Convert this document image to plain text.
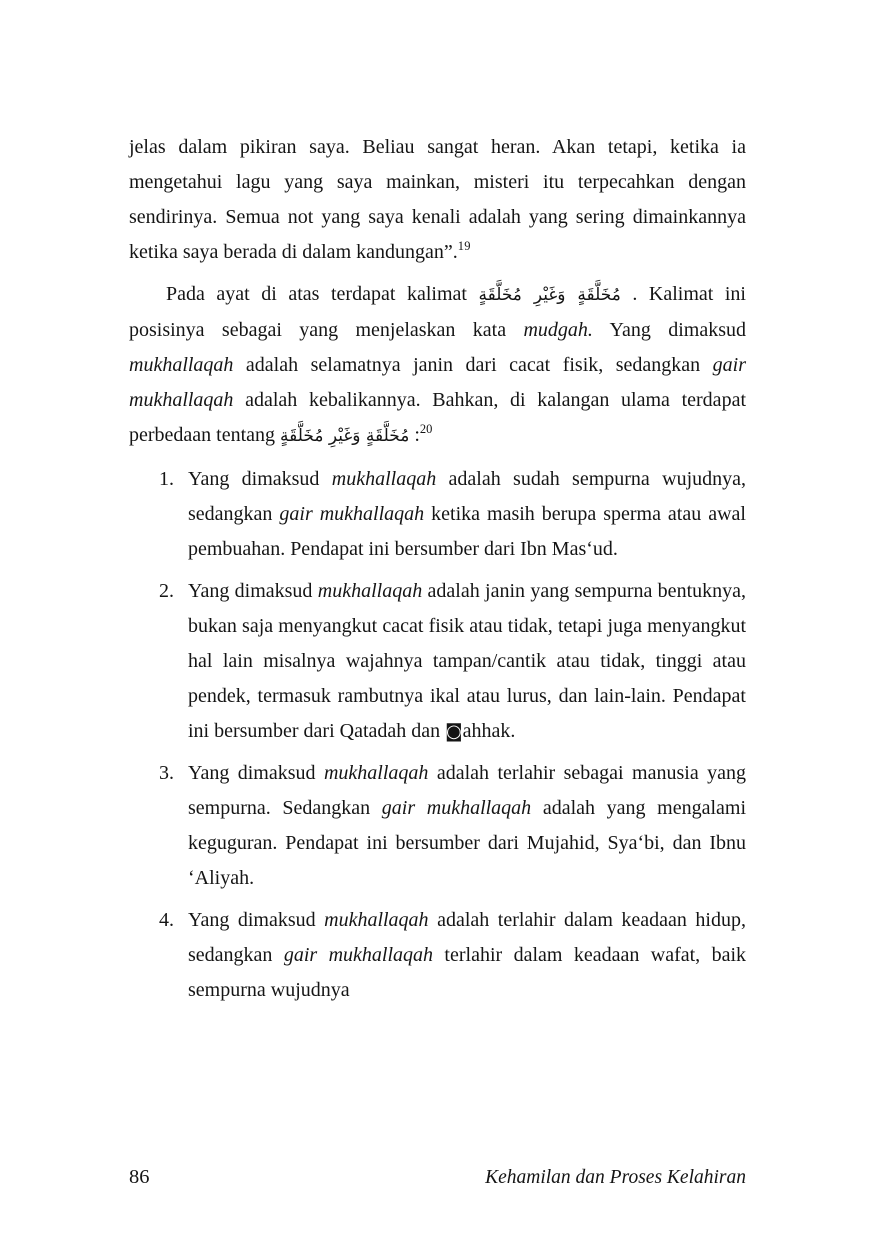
jelas dalam pikiran saya. Beliau sangat heran. Akan tetapi, ketika ia mengetahui lagu yang saya mainkan, misteri itu terpecahkan dengan sendirinya. Semua not yang saya kenali adalah yang sering dimainkannya ketika saya berada di dalam kandungan”.$^{19}$

Pada ayat di atas terdapat kalimat مُخَلَّقَةٍ وَغَيْرِ مُخَلَّقَةٍ . Kalimat ini posisinya sebagai yang menjelaskan kata mudgah. Yang dimaksud mukhallaqah adalah selamatnya janin dari cacat fisik, sedangkan gair mukhallaqah adalah kebalikannya. Bahkan, di kalangan ulama terdapat perbedaan tentang مُخَلَّقَةٍ وَغَيْرِ مُخَلَّقَةٍ :$^{20}$

1. Yang dimaksud mukhallaqah adalah sudah sempurna wujudnya, sedangkan gair mukhallaqah ketika masih berupa sperma atau awal pembuahan. Pendapat ini bersumber dari Ibn Mas‘ud.
2. Yang dimaksud mukhallaqah adalah janin yang sempurna bentuknya, bukan saja menyangkut cacat fisik atau tidak, tetapi juga menyangkut hal lain misalnya wajahnya tampan/cantik atau tidak, tinggi atau pendek, termasuk rambutnya ikal atau lurus, dan lain-lain. Pendapat ini bersumber dari Qatadah dan ◙ahhak.
3. Yang dimaksud mukhallaqah adalah terlahir sebagai manusia yang sempurna. Sedangkan gair mukhallaqah adalah yang mengalami keguguran. Pendapat ini bersumber dari Mujahid, Sya‘bi, dan Ibnu ‘Aliyah.
4. Yang dimaksud mukhallaqah adalah terlahir dalam keadaan hidup, sedangkan gair mukhallaqah terlahir dalam keadaan wafat, baik sempurna wujudnya
86	Kehamilan dan Proses Kelahiran
